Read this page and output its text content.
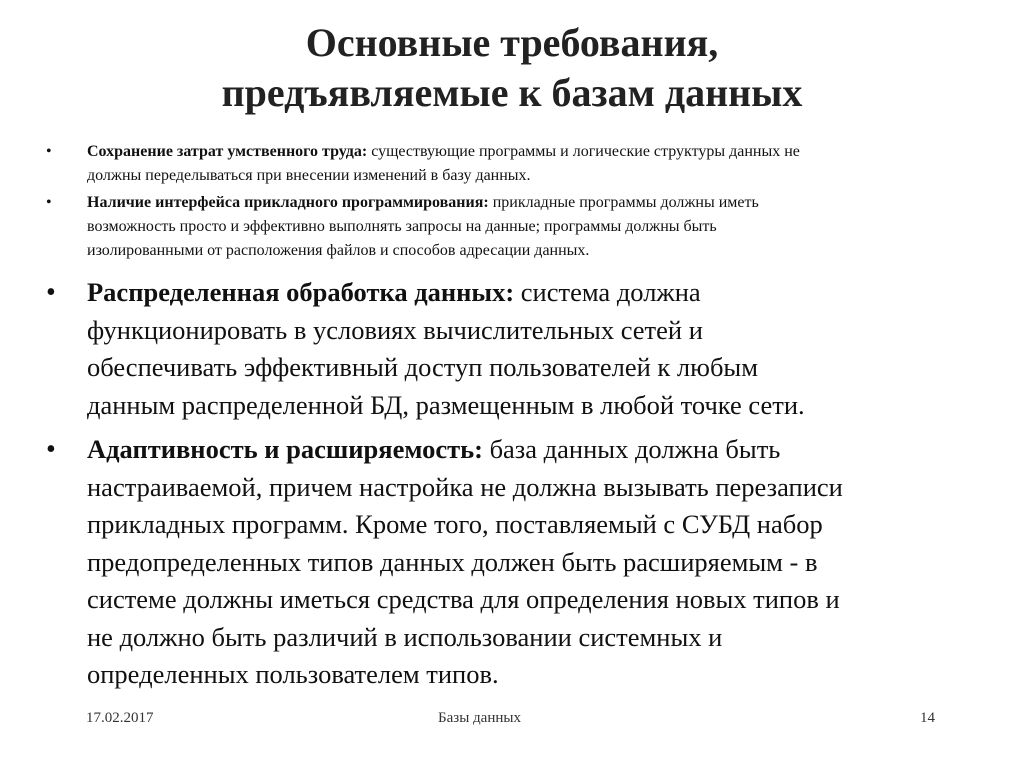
Основные требования,
предъявляемые к базам данных
• Сохранение затрат умственного труда: существующие программы и логические структуры данных не
должны переделываться при внесении изменений в базу данных.
• Наличие интерфейса прикладного программирования: прикладные программы должны иметь
возможность просто и эффективно выполнять запросы на данные; программы должны быть
изолированными от расположения файлов и способов адресации данных.
• Распределенная обработка данных: система должна
функционировать в условиях вычислительных сетей и
обеспечивать эффективный доступ пользователей к любым
данным распределенной БД, размещенным в любой точке сети.
• Адаптивность и расширяемость: база данных должна быть
настраиваемой, причем настройка не должна вызывать перезаписи
прикладных программ. Кроме того, поставляемый с СУБД набор
предопределенных типов данных должен быть расширяемым - в
системе должны иметься средства для определения новых типов и
не должно быть различий в использовании системных и
определенных пользователем типов.
17.02.2017	Базы данных	14
